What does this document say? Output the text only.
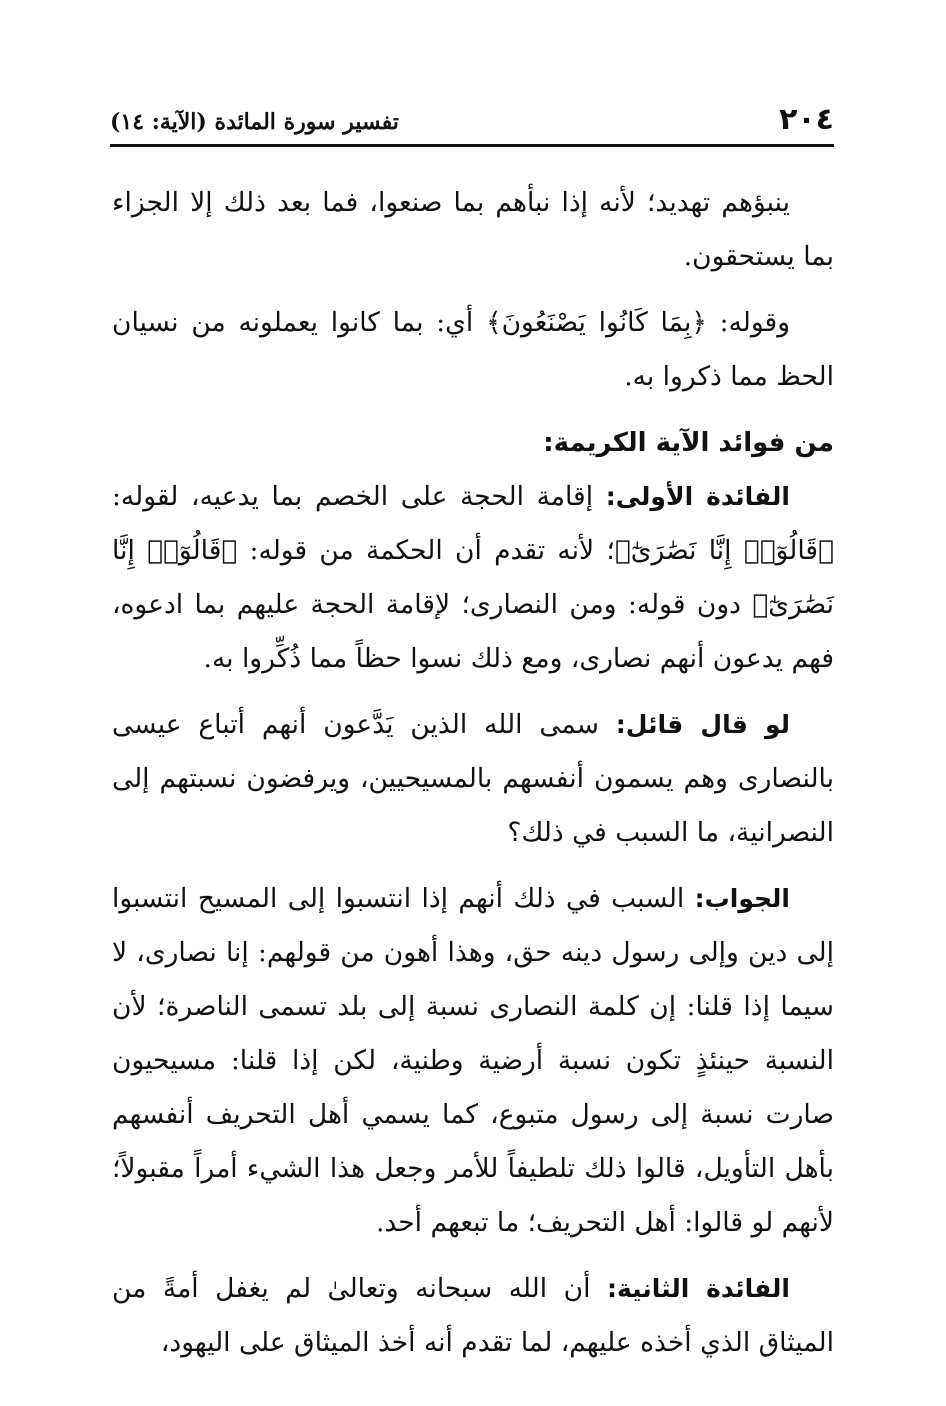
٢٠٤
تفسير سورة المائدة (الآية: ١٤)

ينبؤهم تهديد؛ لأنه إذا نبأهم بما صنعوا، فما بعد ذلك إلا الجزاء بما يستحقون.

وقوله: ﴿بِمَا كَانُوا يَصْنَعُونَ﴾ أي: بما كانوا يعملونه من نسيان الحظ مما ذكروا به.

من فوائد الآية الكريمة:

الفائدة الأولى: إقامة الحجة على الخصم بما يدعيه، لقوله: ﴿قَالُوٓا۟ إِنَّا نَصَٰرَىٰٓ﴾؛ لأنه تقدم أن الحكمة من قوله: ﴿قَالُوٓا۟ إِنَّا نَصَٰرَىٰٓ﴾ دون قوله: ومن النصارى؛ لإقامة الحجة عليهم بما ادعوه، فهم يدعون أنهم نصارى، ومع ذلك نسوا حظاً مما ذُكِّروا به.

لو قال قائل: سمى الله الذين يَدَّعون أنهم أتباع عيسى بالنصارى وهم يسمون أنفسهم بالمسيحيين، ويرفضون نسبتهم إلى النصرانية، ما السبب في ذلك؟

الجواب: السبب في ذلك أنهم إذا انتسبوا إلى المسيح انتسبوا إلى دين وإلى رسول دينه حق، وهذا أهون من قولهم: إنا نصارى، لا سيما إذا قلنا: إن كلمة النصارى نسبة إلى بلد تسمى الناصرة؛ لأن النسبة حينئذٍ تكون نسبة أرضية وطنية، لكن إذا قلنا: مسيحيون صارت نسبة إلى رسول متبوع، كما يسمي أهل التحريف أنفسهم بأهل التأويل، قالوا ذلك تلطيفاً للأمر وجعل هذا الشيء أمراً مقبولاً؛ لأنهم لو قالوا: أهل التحريف؛ ما تبعهم أحد.

الفائدة الثانية: أن الله سبحانه وتعالىٰ لم يغفل أمةً من الميثاق الذي أخذه عليهم، لما تقدم أنه أخذ الميثاق على اليهود،
